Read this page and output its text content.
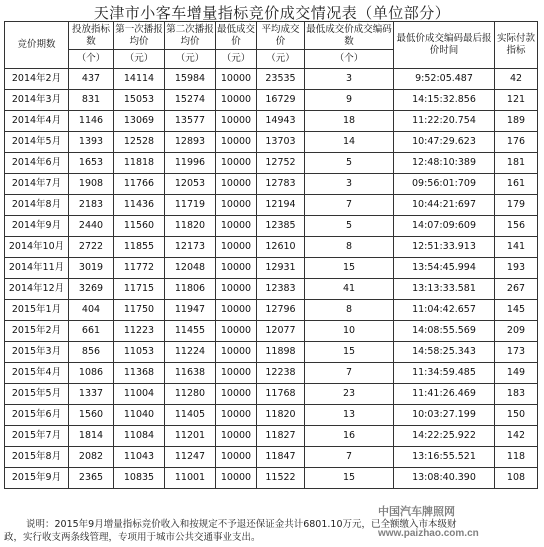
天津市小客车增量指标竞价成交情况表（单位部分）
竞价期数	投放指标数	第一次播报均价	第二次播报均价	最低成交价	平均成交价	最低成交价成交编码数	最低价成交编码最后报价时间	实际付款指标
	（个）	（元）	（元）	（元）	（元）	（个）		
2014年2月	437	14114	15984	10000	23535	3	9:52:05.487	42
2014年3月	831	15053	15274	10000	16729	9	14:15:32.856	121
2014年4月	1146	13069	13577	10000	14943	18	11:22:20.754	189
2014年5月	1393	12528	12893	10000	13703	14	10:47:29.623	176
2014年6月	1653	11818	11996	10000	12752	5	12:48:10:389	181
2014年7月	1908	11766	12053	10000	12783	3	09:56:01:709	161
2014年8月	2183	11436	11719	10000	12194	7	10:44:21:697	179
2014年9月	2440	11560	11820	10000	12385	5	14:07:09:609	156
2014年10月	2722	11855	12173	10000	12610	8	12:51:33.913	141
2014年11月	3019	11772	12048	10000	12931	15	13:54:45.994	193
2014年12月	3269	11715	11806	10000	12383	41	13:13:33.581	267
2015年1月	404	11750	11947	10000	12796	8	11:04:42.657	145
2015年2月	661	11223	11455	10000	12077	10	14:08:55.569	209
2015年3月	856	11053	11224	10000	11898	15	14:58:25.343	173
2015年4月	1086	11368	11638	10000	12238	7	11:34:59.485	149
2015年5月	1337	11004	11280	10000	11768	23	11:41:26.469	183
2015年6月	1560	11040	11405	10000	11820	13	10:03:27.199	150
2015年7月	1814	11084	11201	10000	11827	16	14:22:25.922	142
2015年8月	2082	11043	11247	10000	11847	7	13:16:55.521	118
2015年9月	2365	10835	11001	10000	11522	15	13:08:40.390	108
说明：2015年9月增量指标竞价收入和按规定不予退还保证金共计6801.10万元，已全额缴入市本级财
政，实行收支两条线管理，专项用于城市公共交通事业支出。
中国汽车牌照网
www.paizhao.com.cn
